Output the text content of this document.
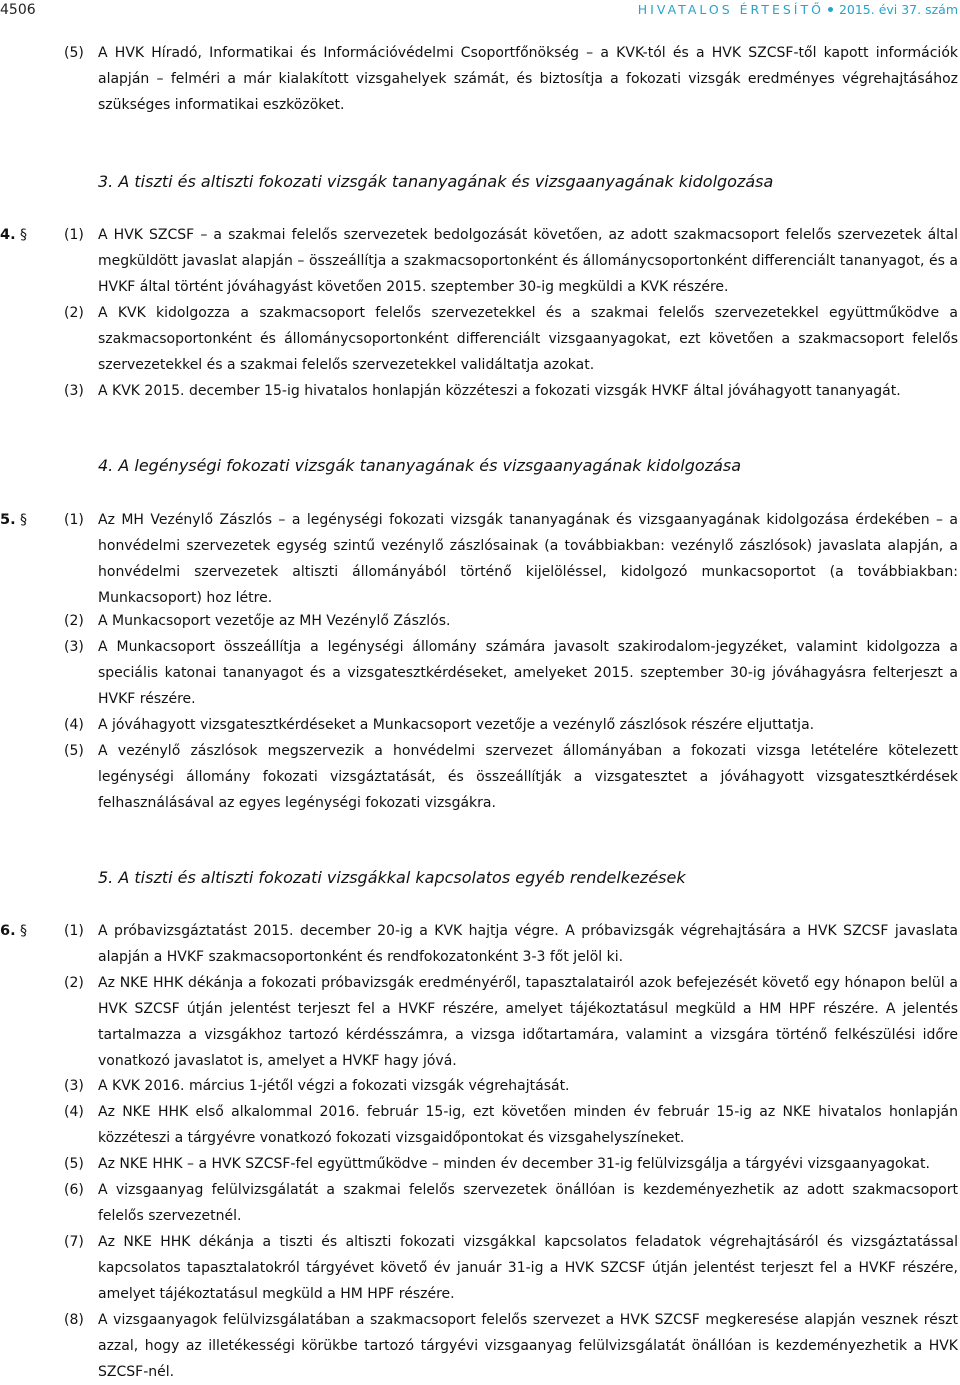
4506	HIVATALOS ÉRTESÍTŐ 2015. évi 37. szám
(5) A HVK Híradó, Informatikai és Információvédelmi Csoportfőnökség – a KVK-tól és a HVK SZCSF-től kapott információk alapján – felméri a már kialakított vizsgahelyek számát, és biztosítja a fokozati vizsgák eredményes végrehajtásához szükséges informatikai eszközöket.
3. A tiszti és altiszti fokozati vizsgák tananyagának és vizsgaanyagának kidolgozása
4. §	(1) A HVK SZCSF – a szakmai felelős szervezetek bedolgozását követően, az adott szakmacsoport felelős szervezetek által megküldött javaslat alapján – összeállítja a szakmacsoportonként és állománycsoportonként differenciált tananyagot, és a HVKF által történt jóváhagyást követően 2015. szeptember 30-ig megküldi a KVK részére.
(2) A KVK kidolgozza a szakmacsoport felelős szervezetekkel és a szakmai felelős szervezetekkel együttműködve a szakmacsoportonként és állománycsoportonként differenciált vizsgaanyagokat, ezt követően a szakmacsoport felelős szervezetekkel és a szakmai felelős szervezetekkel validáltatja azokat.
(3) A KVK 2015. december 15-ig hivatalos honlapján közzéteszi a fokozati vizsgák HVKF által jóváhagyott tananyagát.
4. A legénységi fokozati vizsgák tananyagának és vizsgaanyagának kidolgozása
5. §	(1) Az MH Vezénylő Zászlós – a legénységi fokozati vizsgák tananyagának és vizsgaanyagának kidolgozása érdekében – a honvédelmi szervezetek egység szintű vezénylő zászlósainak (a továbbiakban: vezénylő zászlósok) javaslata alapján, a honvédelmi szervezetek altiszti állományából történő kijelöléssel, kidolgozó munkacsoportot (a továbbiakban: Munkacsoport) hoz létre.
(2) A Munkacsoport vezetője az MH Vezénylő Zászlós.
(3) A Munkacsoport összeállítja a legénységi állomány számára javasolt szakirodalom-jegyzéket, valamint kidolgozza a speciális katonai tananyagot és a vizsgatesztkérdéseket, amelyeket 2015. szeptember 30-ig jóváhagyásra felterjeszt a HVKF részére.
(4) A jóváhagyott vizsgatesztkérdéseket a Munkacsoport vezetője a vezénylő zászlósok részére eljuttatja.
(5) A vezénylő zászlósok megszervezik a honvédelmi szervezet állományában a fokozati vizsga letételére kötelezett legénységi állomány fokozati vizsgáztatását, és összeállítják a vizsgatesztet a jóváhagyott vizsgatesztkérdések felhasználásával az egyes legénységi fokozati vizsgákra.
5. A tiszti és altiszti fokozati vizsgákkal kapcsolatos egyéb rendelkezések
6. §	(1) A próbavizsgáztatást 2015. december 20-ig a KVK hajtja végre. A próbavizsgák végrehajtására a HVK SZCSF javaslata alapján a HVKF szakmacsoportonként és rendfokozatonként 3-3 főt jelöl ki.
(2) Az NKE HHK dékánja a fokozati próbavizsgák eredményéről, tapasztalatairól azok befejezését követő egy hónapon belül a HVK SZCSF útján jelentést terjeszt fel a HVKF részére, amelyet tájékoztatásul megküld a HM HPF részére. A jelentés tartalmazza a vizsgákhoz tartozó kérdésszámra, a vizsga időtartamára, valamint a vizsgára történő felkészülési időre vonatkozó javaslatot is, amelyet a HVKF hagy jóvá.
(3) A KVK 2016. március 1-jétől végzi a fokozati vizsgák végrehajtását.
(4) Az NKE HHK első alkalommal 2016. február 15-ig, ezt követően minden év február 15-ig az NKE hivatalos honlapján közzéteszi a tárgyévre vonatkozó fokozati vizsgaidőpontokat és vizsgahelyszíneket.
(5) Az NKE HHK – a HVK SZCSF-fel együttműködve – minden év december 31-ig felülvizsgálja a tárgyévi vizsgaanyagokat.
(6) A vizsgaanyag felülvizsgálatát a szakmai felelős szervezetek önállóan is kezdeményezhetik az adott szakmacsoport felelős szervezetnél.
(7) Az NKE HHK dékánja a tiszti és altiszti fokozati vizsgákkal kapcsolatos feladatok végrehajtásáról és vizsgáztatással kapcsolatos tapasztalatokról tárgyévet követő év január 31-ig a HVK SZCSF útján jelentést terjeszt fel a HVKF részére, amelyet tájékoztatásul megküld a HM HPF részére.
(8) A vizsgaanyagok felülvizsgálatában a szakmacsoport felelős szervezet a HVK SZCSF megkeresése alapján vesznek részt azzal, hogy az illetékességi körükbe tartozó tárgyévi vizsgaanyag felülvizsgálatát önállóan is kezdeményezhetik a HVK SZCSF-nél.
